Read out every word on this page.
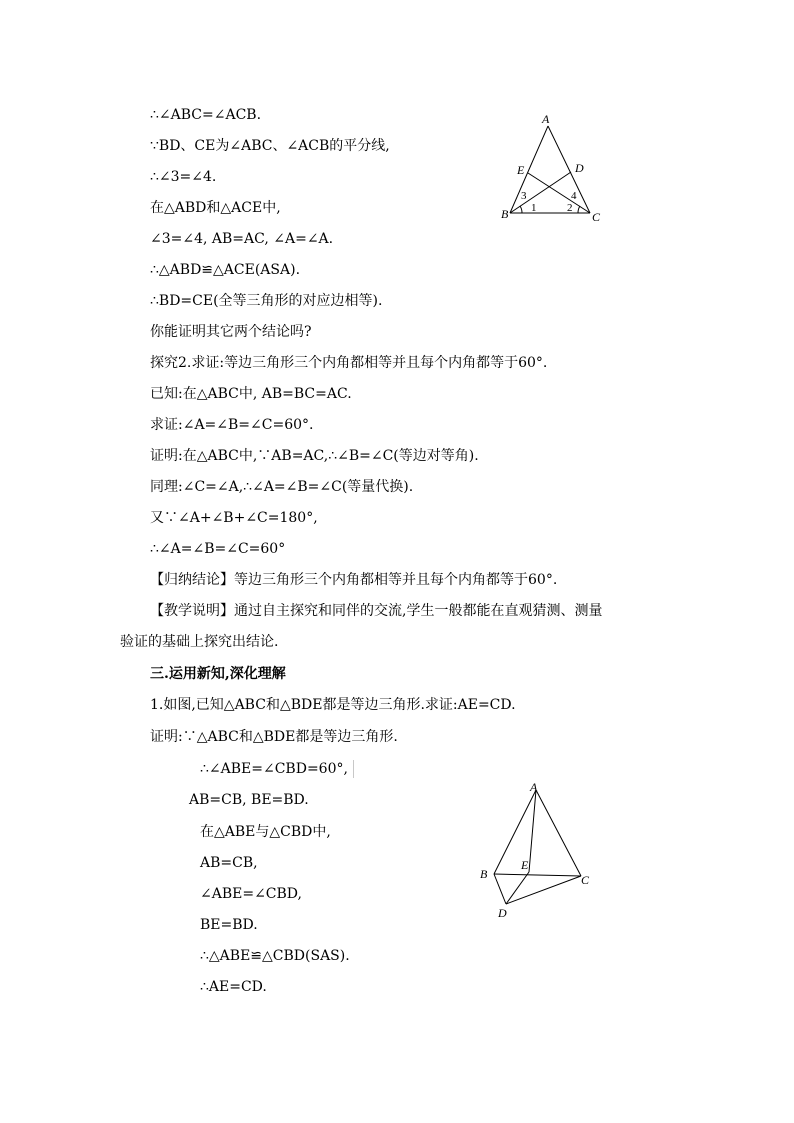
∴∠ABC=∠ACB.
∵BD、CE为∠ABC、∠ACB的平分线,
∴∠3=∠4.
在△ABD和△ACE中,
∠3=∠4, AB=AC, ∠A=∠A.
∴△ABD≌△ACE(ASA).
∴BD=CE(全等三角形的对应边相等).
你能证明其它两个结论吗?
探究2.求证:等边三角形三个内角都相等并且每个内角都等于60°.
已知:在△ABC中, AB=BC=AC.
求证:∠A=∠B=∠C=60°.
证明:在△ABC中,∵AB=AC,∴∠B=∠C(等边对等角).
同理:∠C=∠A,∴∠A=∠B=∠C(等量代换).
又∵∠A+∠B+∠C=180°,
∴∠A=∠B=∠C=60°
【归纳结论】等边三角形三个内角都相等并且每个内角都等于60°.
【教学说明】通过自主探究和同伴的交流,学生一般都能在直观猜测、测量
验证的基础上探究出结论.
三.运用新知,深化理解
1.如图,已知△ABC和△BDE都是等边三角形.求证:AE=CD.
证明:∵△ABC和△BDE都是等边三角形.
∴∠ABE=∠CBD=60°,
AB=CB, BE=BD.
在△ABE与△CBD中,
AB=CB,
∠ABE=∠CBD,
BE=BD.
∴△ABE≌△CBD(SAS).
∴AE=CD.
A
B	C
D
E
1	2
3	4
A
B	C
D
E
